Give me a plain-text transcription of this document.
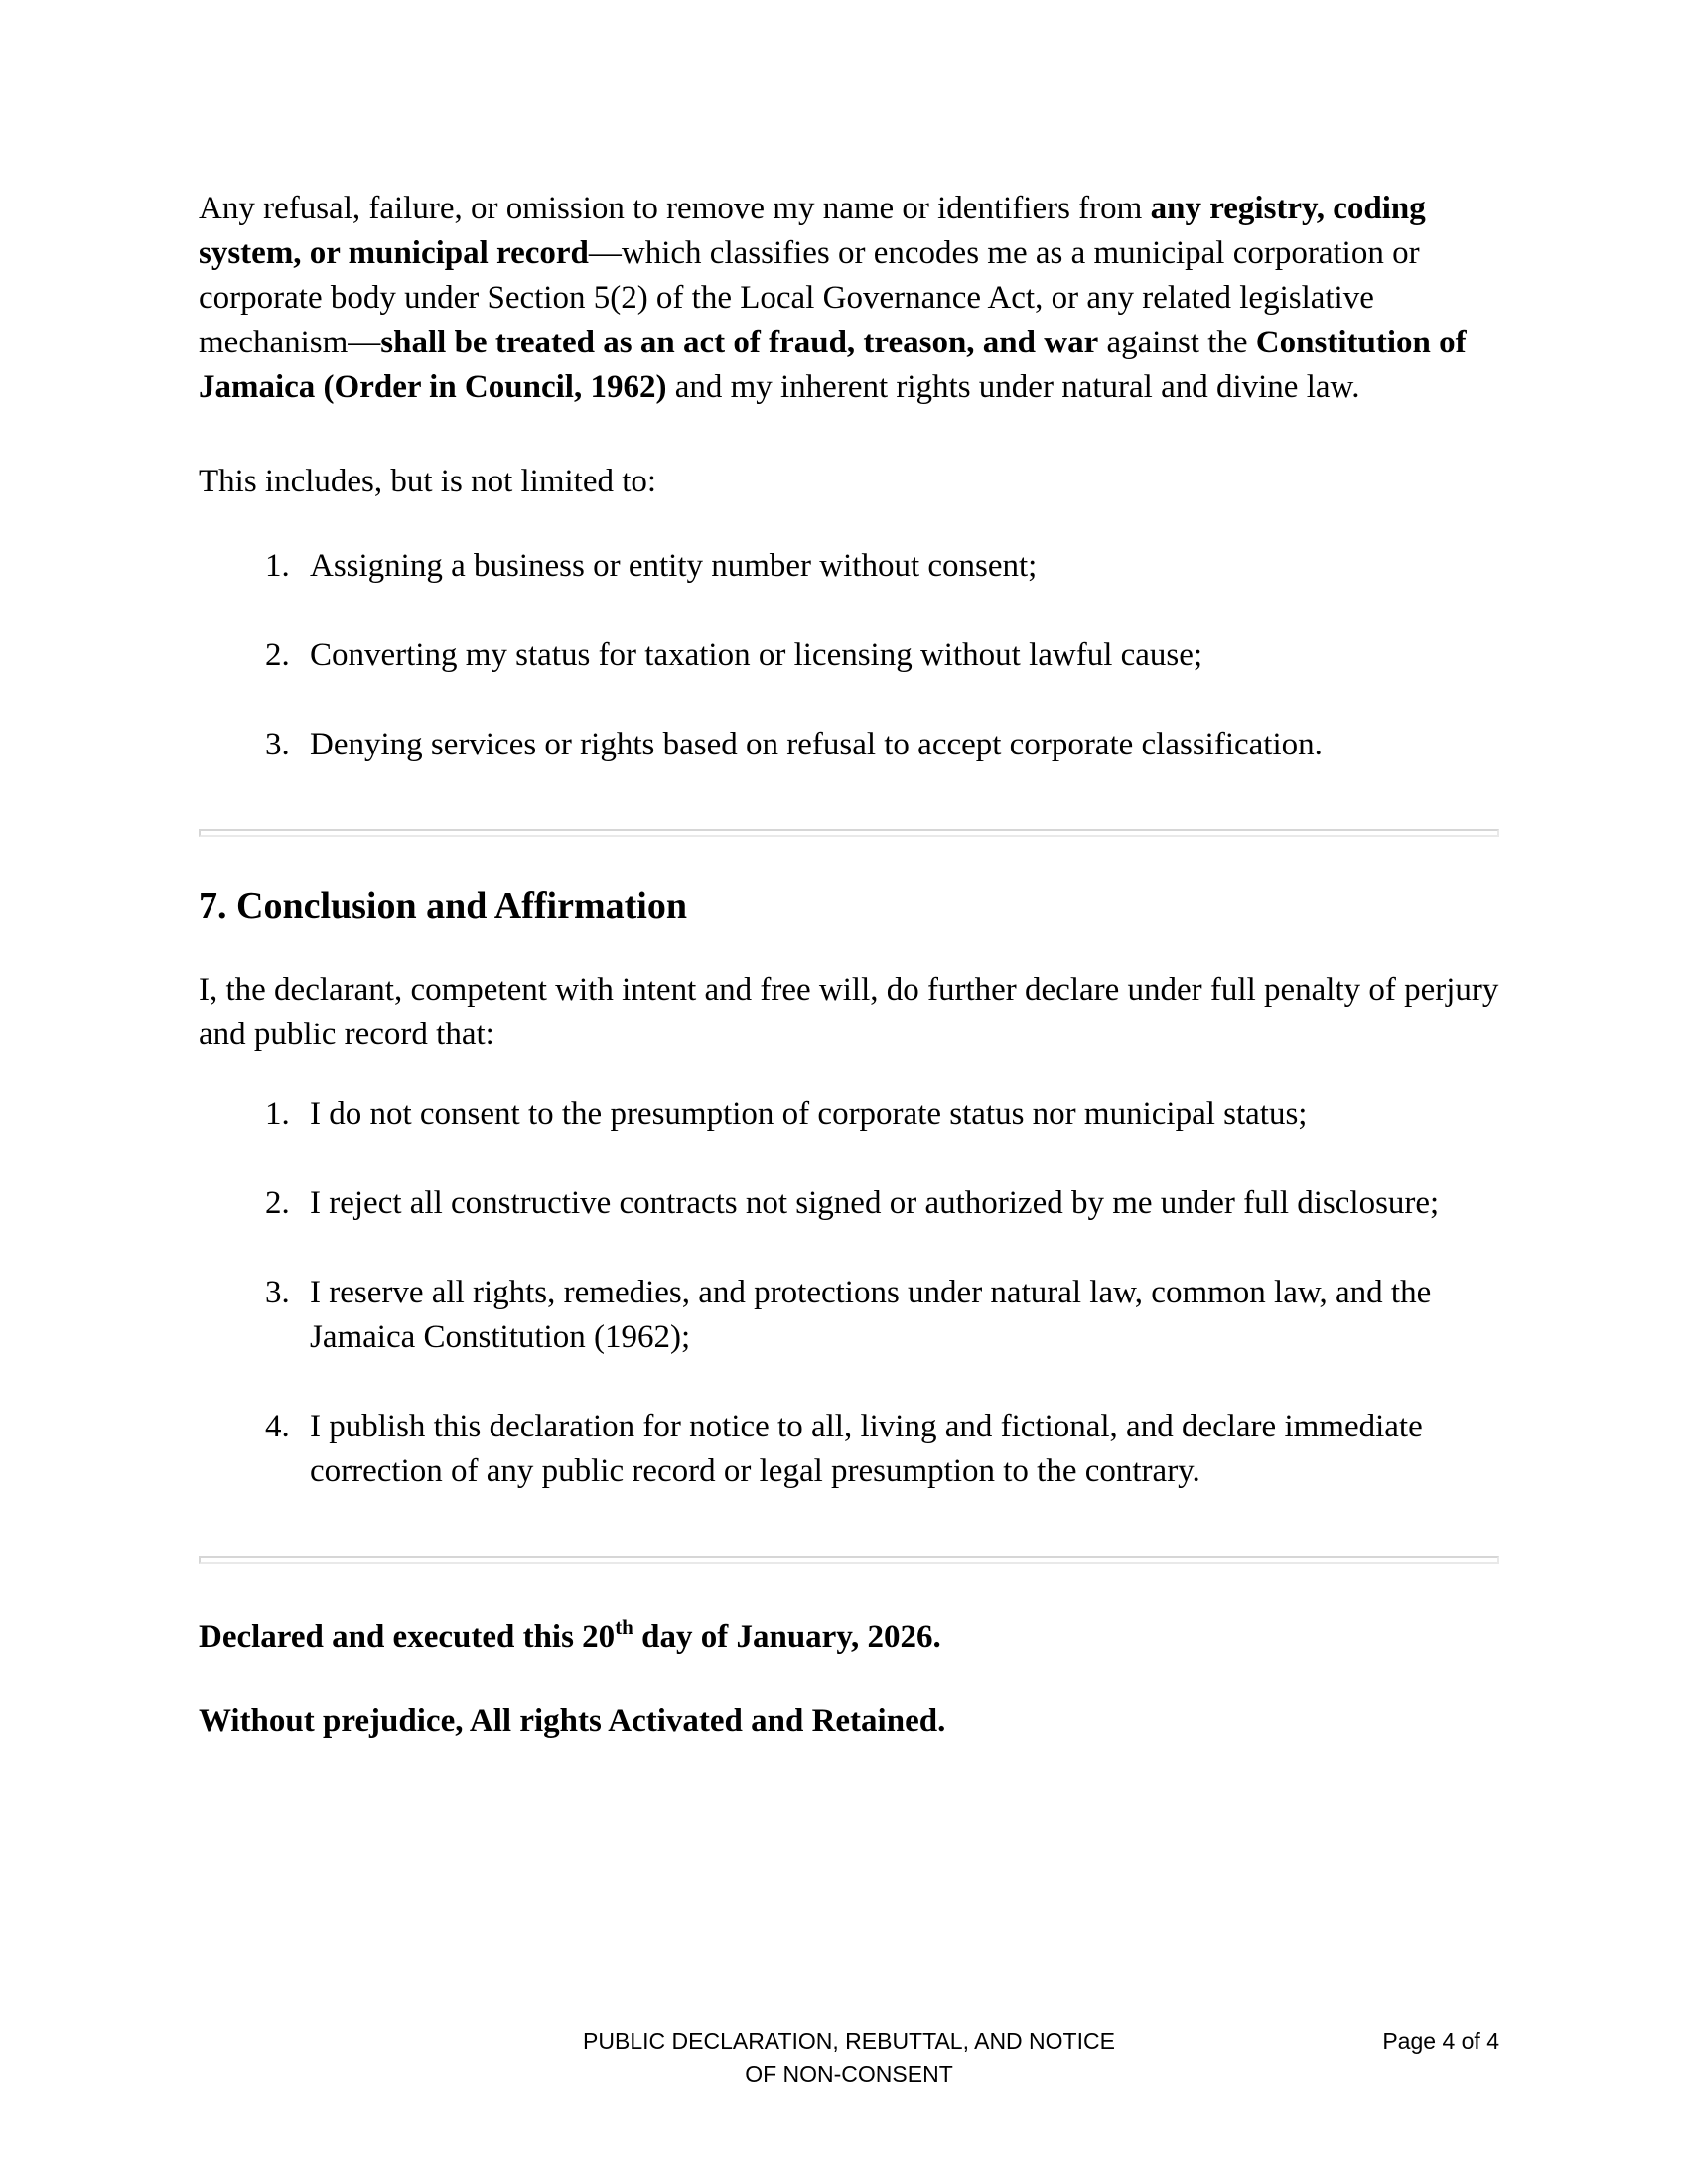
Any refusal, failure, or omission to remove my name or identifiers from any registry, coding system, or municipal record—which classifies or encodes me as a municipal corporation or corporate body under Section 5(2) of the Local Governance Act, or any related legislative mechanism—shall be treated as an act of fraud, treason, and war against the Constitution of Jamaica (Order in Council, 1962) and my inherent rights under natural and divine law.

This includes, but is not limited to:

1. Assigning a business or entity number without consent;
2. Converting my status for taxation or licensing without lawful cause;
3. Denying services or rights based on refusal to accept corporate classification.
7. Conclusion and Affirmation

I, the declarant, competent with intent and free will, do further declare under full penalty of perjury and public record that:

1. I do not consent to the presumption of corporate status nor municipal status;
2. I reject all constructive contracts not signed or authorized by me under full disclosure;
3. I reserve all rights, remedies, and protections under natural law, common law, and the Jamaica Constitution (1962);
4. I publish this declaration for notice to all, living and fictional, and declare immediate correction of any public record or legal presumption to the contrary.

Declared and executed this 20th day of January, 2026.

Without prejudice, All rights Activated and Retained.

PUBLIC DECLARATION, REBUTTAL, AND NOTICE
OF NON-CONSENT
Page 4 of 4
